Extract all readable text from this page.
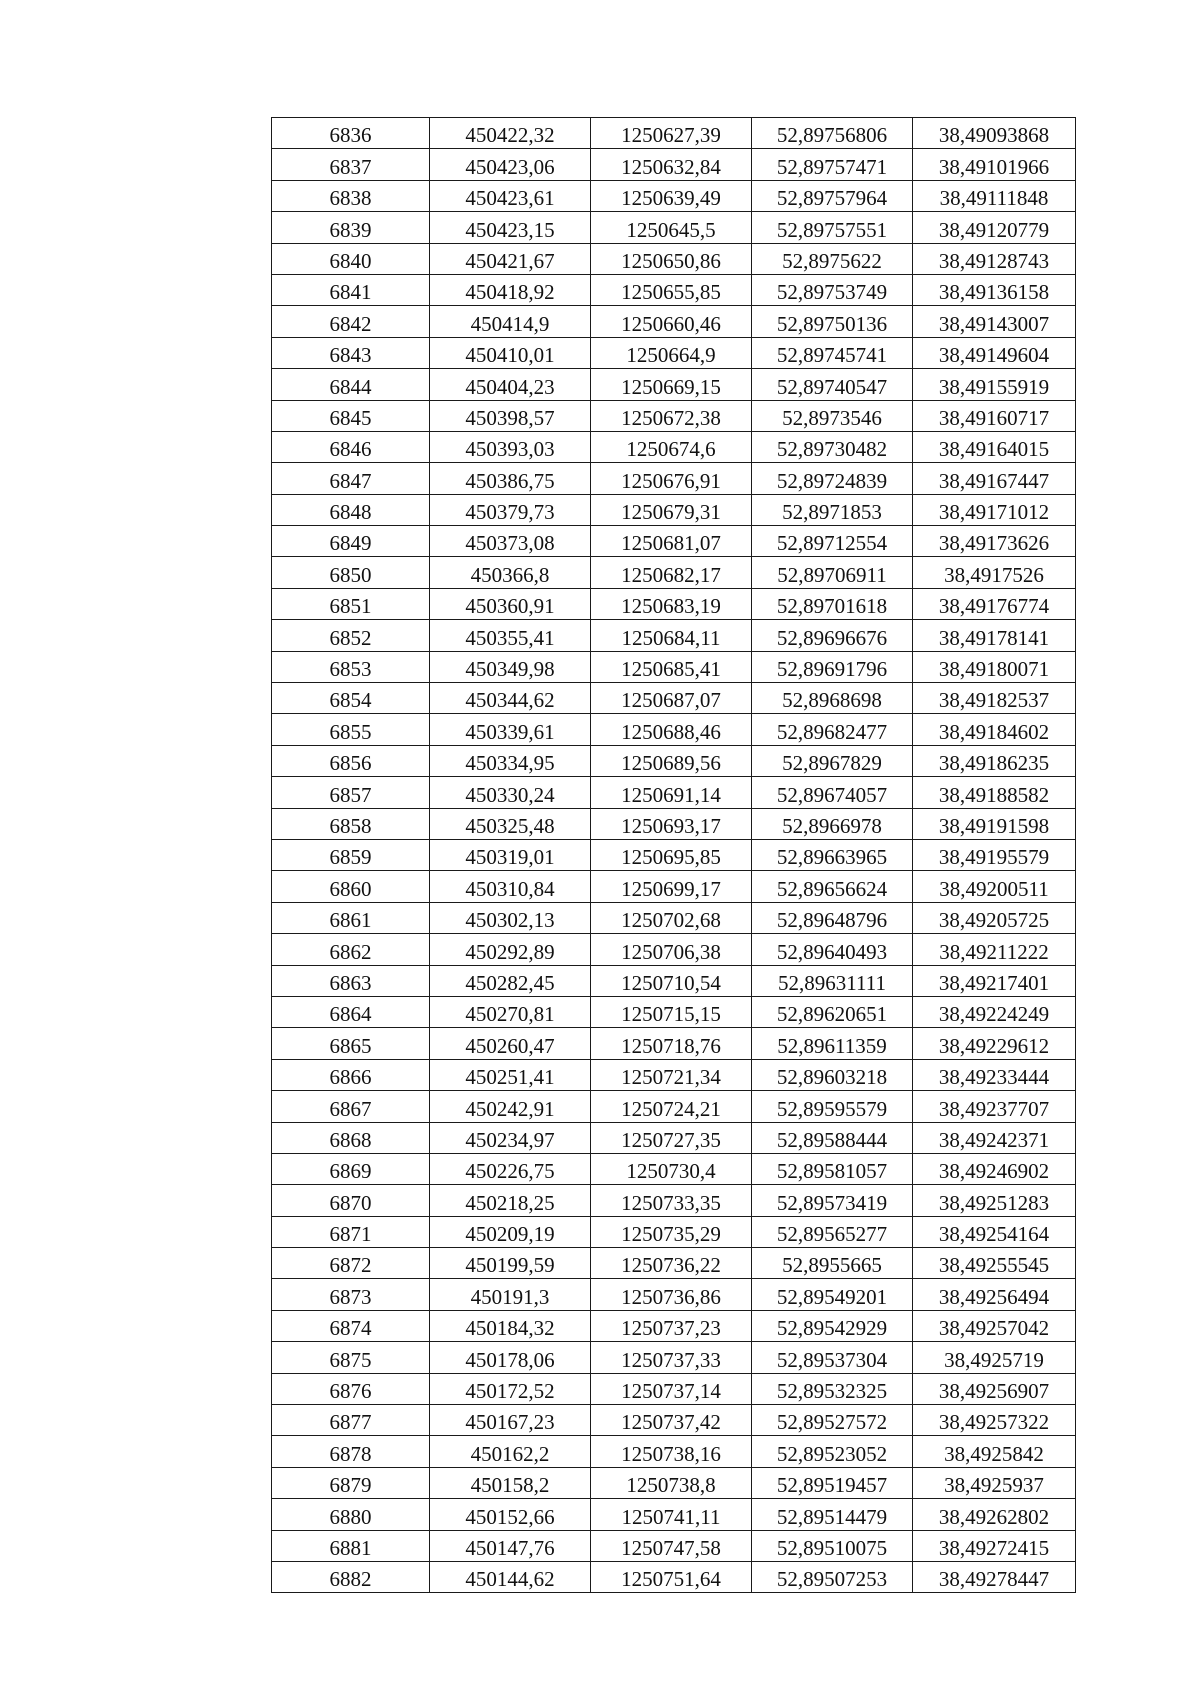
6836	450422,32	1250627,39	52,89756806	38,49093868
6837	450423,06	1250632,84	52,89757471	38,49101966
6838	450423,61	1250639,49	52,89757964	38,49111848
6839	450423,15	1250645,5	52,89757551	38,49120779
6840	450421,67	1250650,86	52,8975622	38,49128743
6841	450418,92	1250655,85	52,89753749	38,49136158
6842	450414,9	1250660,46	52,89750136	38,49143007
6843	450410,01	1250664,9	52,89745741	38,49149604
6844	450404,23	1250669,15	52,89740547	38,49155919
6845	450398,57	1250672,38	52,8973546	38,49160717
6846	450393,03	1250674,6	52,89730482	38,49164015
6847	450386,75	1250676,91	52,89724839	38,49167447
6848	450379,73	1250679,31	52,8971853	38,49171012
6849	450373,08	1250681,07	52,89712554	38,49173626
6850	450366,8	1250682,17	52,89706911	38,4917526
6851	450360,91	1250683,19	52,89701618	38,49176774
6852	450355,41	1250684,11	52,89696676	38,49178141
6853	450349,98	1250685,41	52,89691796	38,49180071
6854	450344,62	1250687,07	52,8968698	38,49182537
6855	450339,61	1250688,46	52,89682477	38,49184602
6856	450334,95	1250689,56	52,8967829	38,49186235
6857	450330,24	1250691,14	52,89674057	38,49188582
6858	450325,48	1250693,17	52,8966978	38,49191598
6859	450319,01	1250695,85	52,89663965	38,49195579
6860	450310,84	1250699,17	52,89656624	38,49200511
6861	450302,13	1250702,68	52,89648796	38,49205725
6862	450292,89	1250706,38	52,89640493	38,49211222
6863	450282,45	1250710,54	52,89631111	38,49217401
6864	450270,81	1250715,15	52,89620651	38,49224249
6865	450260,47	1250718,76	52,89611359	38,49229612
6866	450251,41	1250721,34	52,89603218	38,49233444
6867	450242,91	1250724,21	52,89595579	38,49237707
6868	450234,97	1250727,35	52,89588444	38,49242371
6869	450226,75	1250730,4	52,89581057	38,49246902
6870	450218,25	1250733,35	52,89573419	38,49251283
6871	450209,19	1250735,29	52,89565277	38,49254164
6872	450199,59	1250736,22	52,8955665	38,49255545
6873	450191,3	1250736,86	52,89549201	38,49256494
6874	450184,32	1250737,23	52,89542929	38,49257042
6875	450178,06	1250737,33	52,89537304	38,4925719
6876	450172,52	1250737,14	52,89532325	38,49256907
6877	450167,23	1250737,42	52,89527572	38,49257322
6878	450162,2	1250738,16	52,89523052	38,4925842
6879	450158,2	1250738,8	52,89519457	38,4925937
6880	450152,66	1250741,11	52,89514479	38,49262802
6881	450147,76	1250747,58	52,89510075	38,49272415
6882	450144,62	1250751,64	52,89507253	38,49278447
